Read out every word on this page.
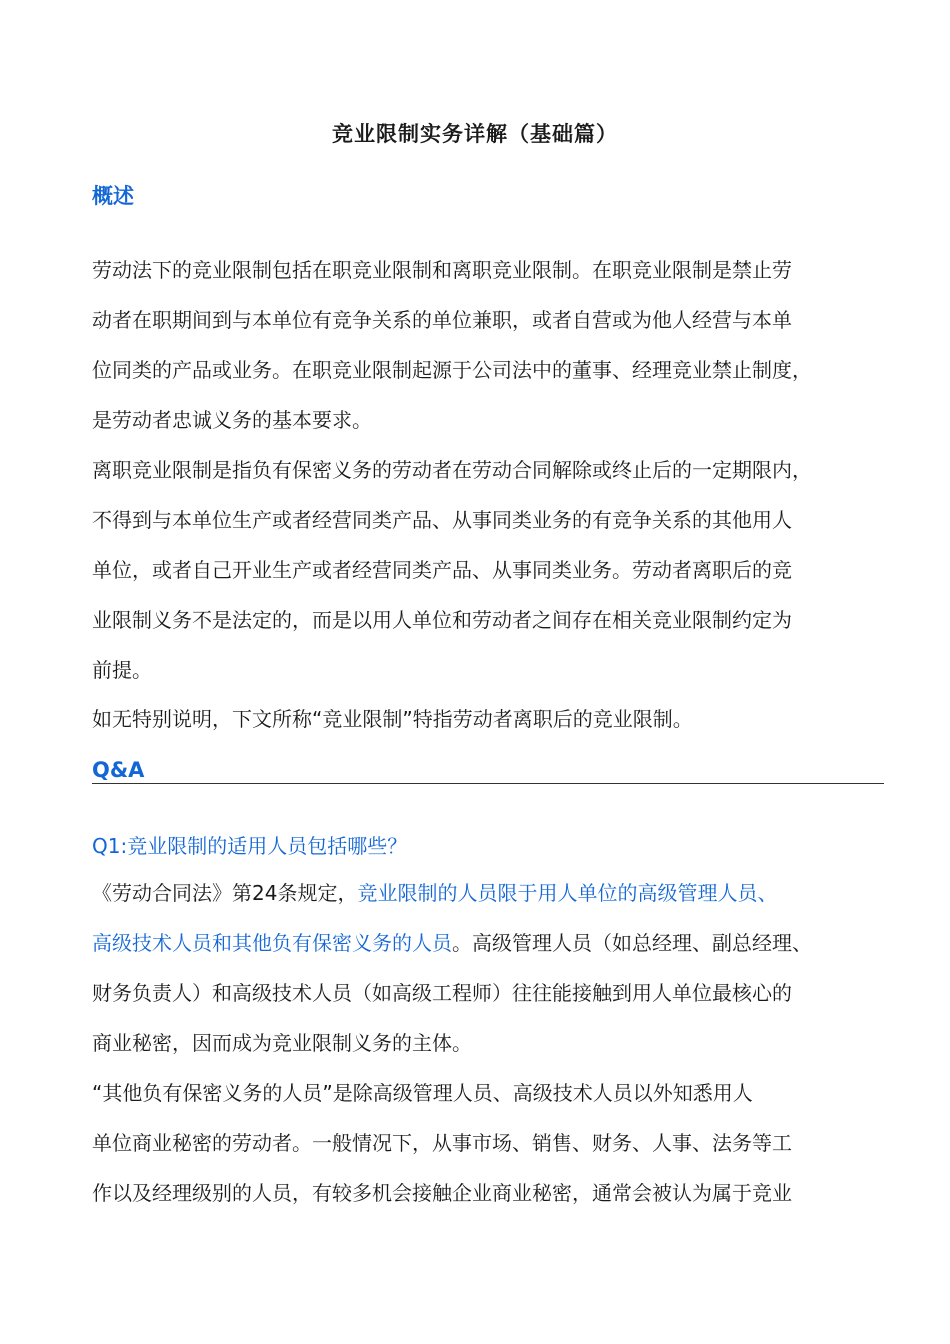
竞业限制实务详解（基础篇）
概述

劳动法下的竞业限制包括在职竞业限制和离职竞业限制。在职竞业限制是禁止劳
动者在职期间到与本单位有竞争关系的单位兼职，或者自营或为他人经营与本单
位同类的产品或业务。在职竞业限制起源于公司法中的董事、经理竞业禁止制度，
是劳动者忠诚义务的基本要求。

离职竞业限制是指负有保密义务的劳动者在劳动合同解除或终止后的一定期限内，
不得到与本单位生产或者经营同类产品、从事同类业务的有竞争关系的其他用人
单位，或者自己开业生产或者经营同类产品、从事同类业务。劳动者离职后的竞
业限制义务不是法定的，而是以用人单位和劳动者之间存在相关竞业限制约定为
前提。

如无特别说明，下文所称“竞业限制”特指劳动者离职后的竞业限制。

Q&A

Q1:竞业限制的适用人员包括哪些？

《劳动合同法》第24条规定，竞业限制的人员限于用人单位的高级管理人员、
高级技术人员和其他负有保密义务的人员。高级管理人员（如总经理、副总经理、
财务负责人）和高级技术人员（如高级工程师）往往能接触到用人单位最核心的
商业秘密，因而成为竞业限制义务的主体。

“其他负有保密义务的人员”是除高级管理人员、高级技术人员以外知悉用人
单位商业秘密的劳动者。一般情况下，从事市场、销售、财务、人事、法务等工
作以及经理级别的人员，有较多机会接触企业商业秘密，通常会被认为属于竞业
